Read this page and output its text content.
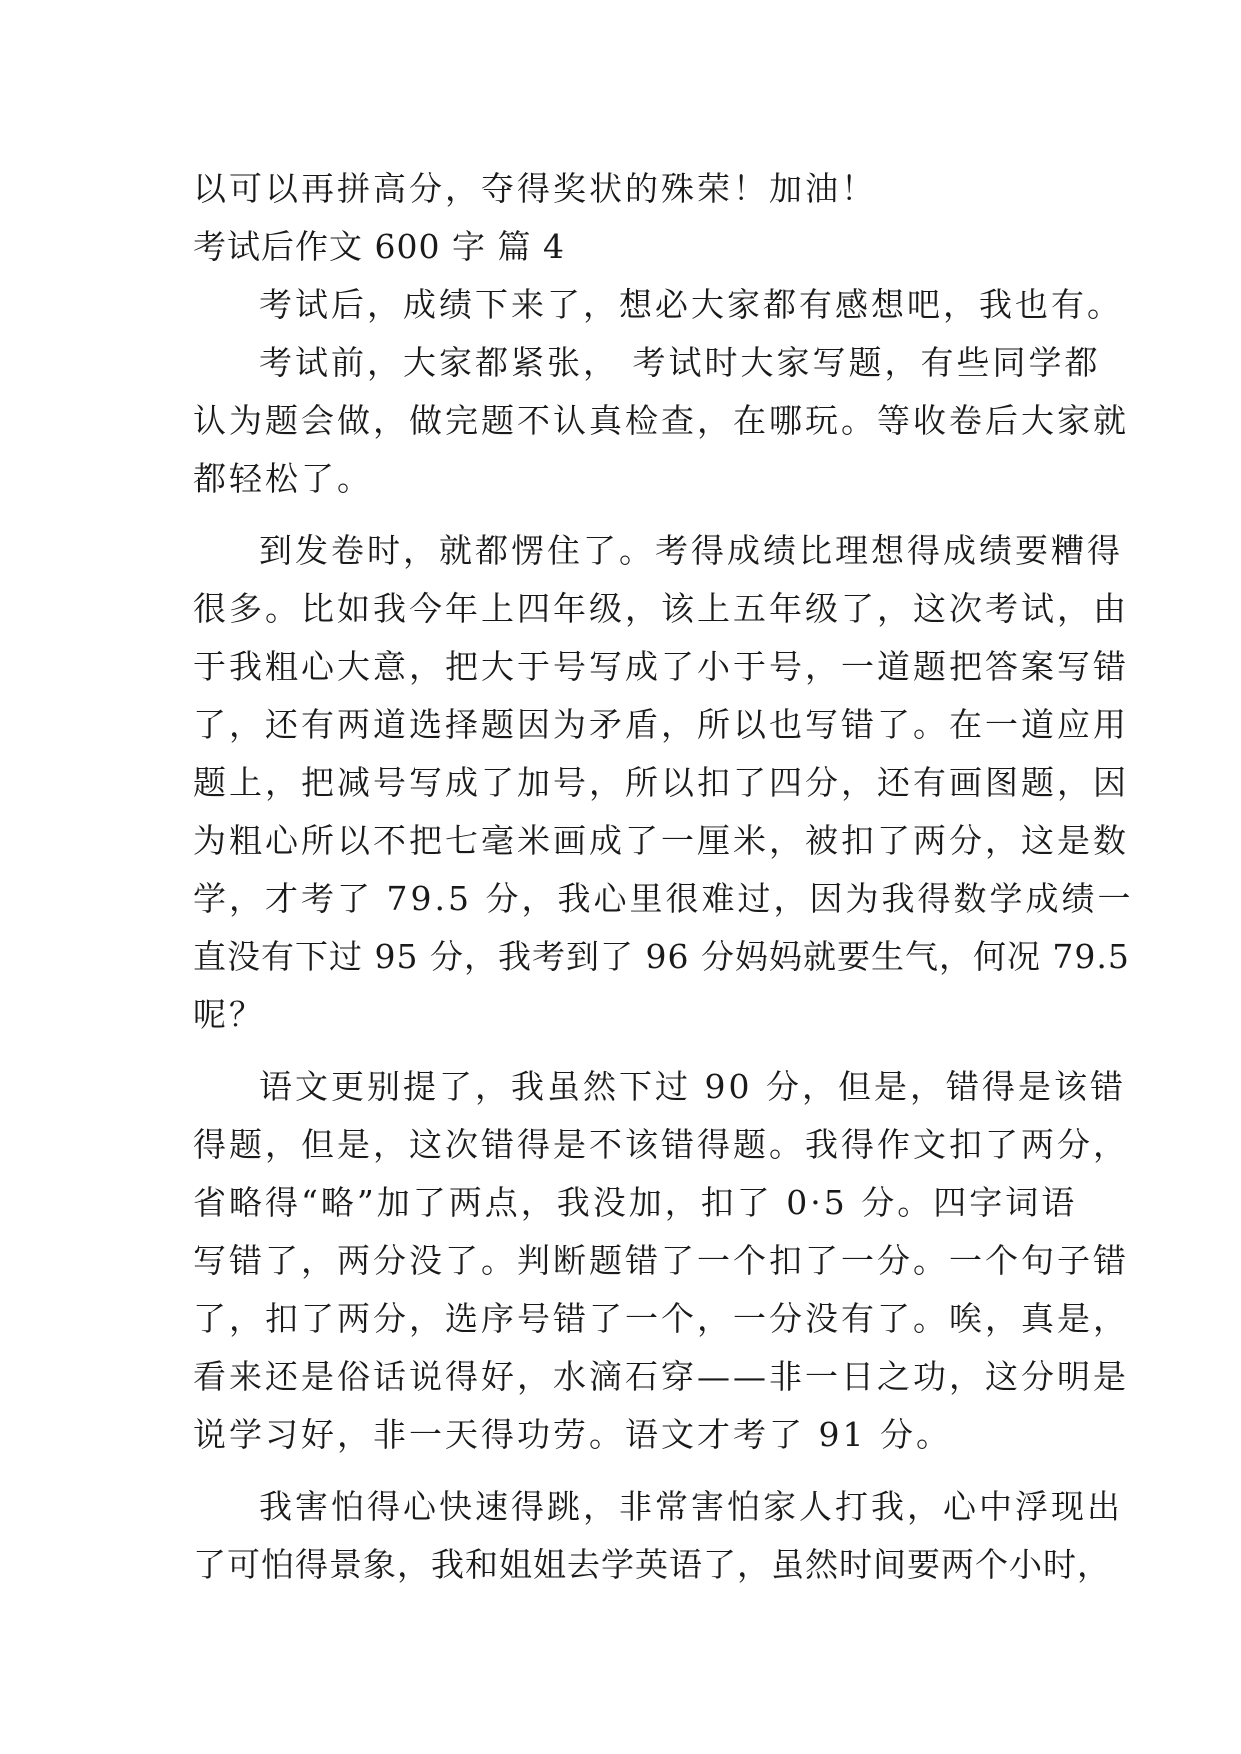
以可以再拼高分，夺得奖状的殊荣！加油！

考试后作文 600 字 篇 4

考试后，成绩下来了，想必大家都有感想吧，我也有。

考试前，大家都紧张， 考试时大家写题，有些同学都

认为题会做，做完题不认真检查，在哪玩。等收卷后大家就

都轻松了。

到发卷时，就都愣住了。考得成绩比理想得成绩要糟得

很多。比如我今年上四年级，该上五年级了，这次考试，由

于我粗心大意，把大于号写成了小于号，一道题把答案写错

了，还有两道选择题因为矛盾，所以也写错了。在一道应用

题上，把减号写成了加号，所以扣了四分，还有画图题，因

为粗心所以不把七毫米画成了一厘米，被扣了两分，这是数

学，才考了 79.5 分，我心里很难过，因为我得数学成绩一

直没有下过 95 分，我考到了 96 分妈妈就要生气，何况 79.5

呢？

语文更别提了，我虽然下过 90 分，但是，错得是该错

得题，但是，这次错得是不该错得题。我得作文扣了两分，

省略得“略”加了两点，我没加，扣了 0·5 分。四字词语

写错了，两分没了。判断题错了一个扣了一分。一个句子错

了，扣了两分，选序号错了一个，一分没有了。唉，真是，

看来还是俗话说得好，水滴石穿——非一日之功，这分明是

说学习好，非一天得功劳。语文才考了 91 分。

我害怕得心快速得跳，非常害怕家人打我，心中浮现出

了可怕得景象，我和姐姐去学英语了，虽然时间要两个小时，
